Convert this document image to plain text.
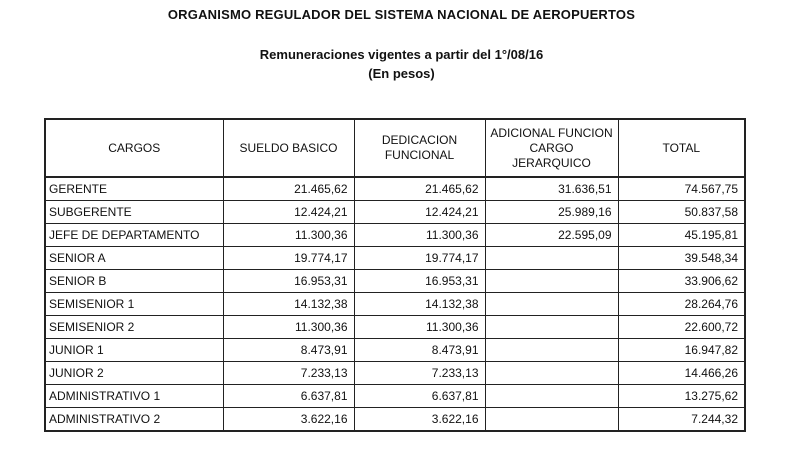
ORGANISMO REGULADOR DEL SISTEMA NACIONAL DE AEROPUERTOS
Remuneraciones vigentes a partir del 1°/08/16
(En pesos)
CARGOS	SUELDO BASICO	DEDICACION FUNCIONAL	ADICIONAL FUNCION CARGO JERARQUICO	TOTAL
GERENTE	21.465,62	21.465,62	31.636,51	74.567,75
SUBGERENTE	12.424,21	12.424,21	25.989,16	50.837,58
JEFE DE DEPARTAMENTO	11.300,36	11.300,36	22.595,09	45.195,81
SENIOR A	19.774,17	19.774,17		39.548,34
SENIOR B	16.953,31	16.953,31		33.906,62
SEMISENIOR 1	14.132,38	14.132,38		28.264,76
SEMISENIOR 2	11.300,36	11.300,36		22.600,72
JUNIOR 1	8.473,91	8.473,91		16.947,82
JUNIOR 2	7.233,13	7.233,13		14.466,26
ADMINISTRATIVO 1	6.637,81	6.637,81		13.275,62
ADMINISTRATIVO 2	3.622,16	3.622,16		7.244,32
